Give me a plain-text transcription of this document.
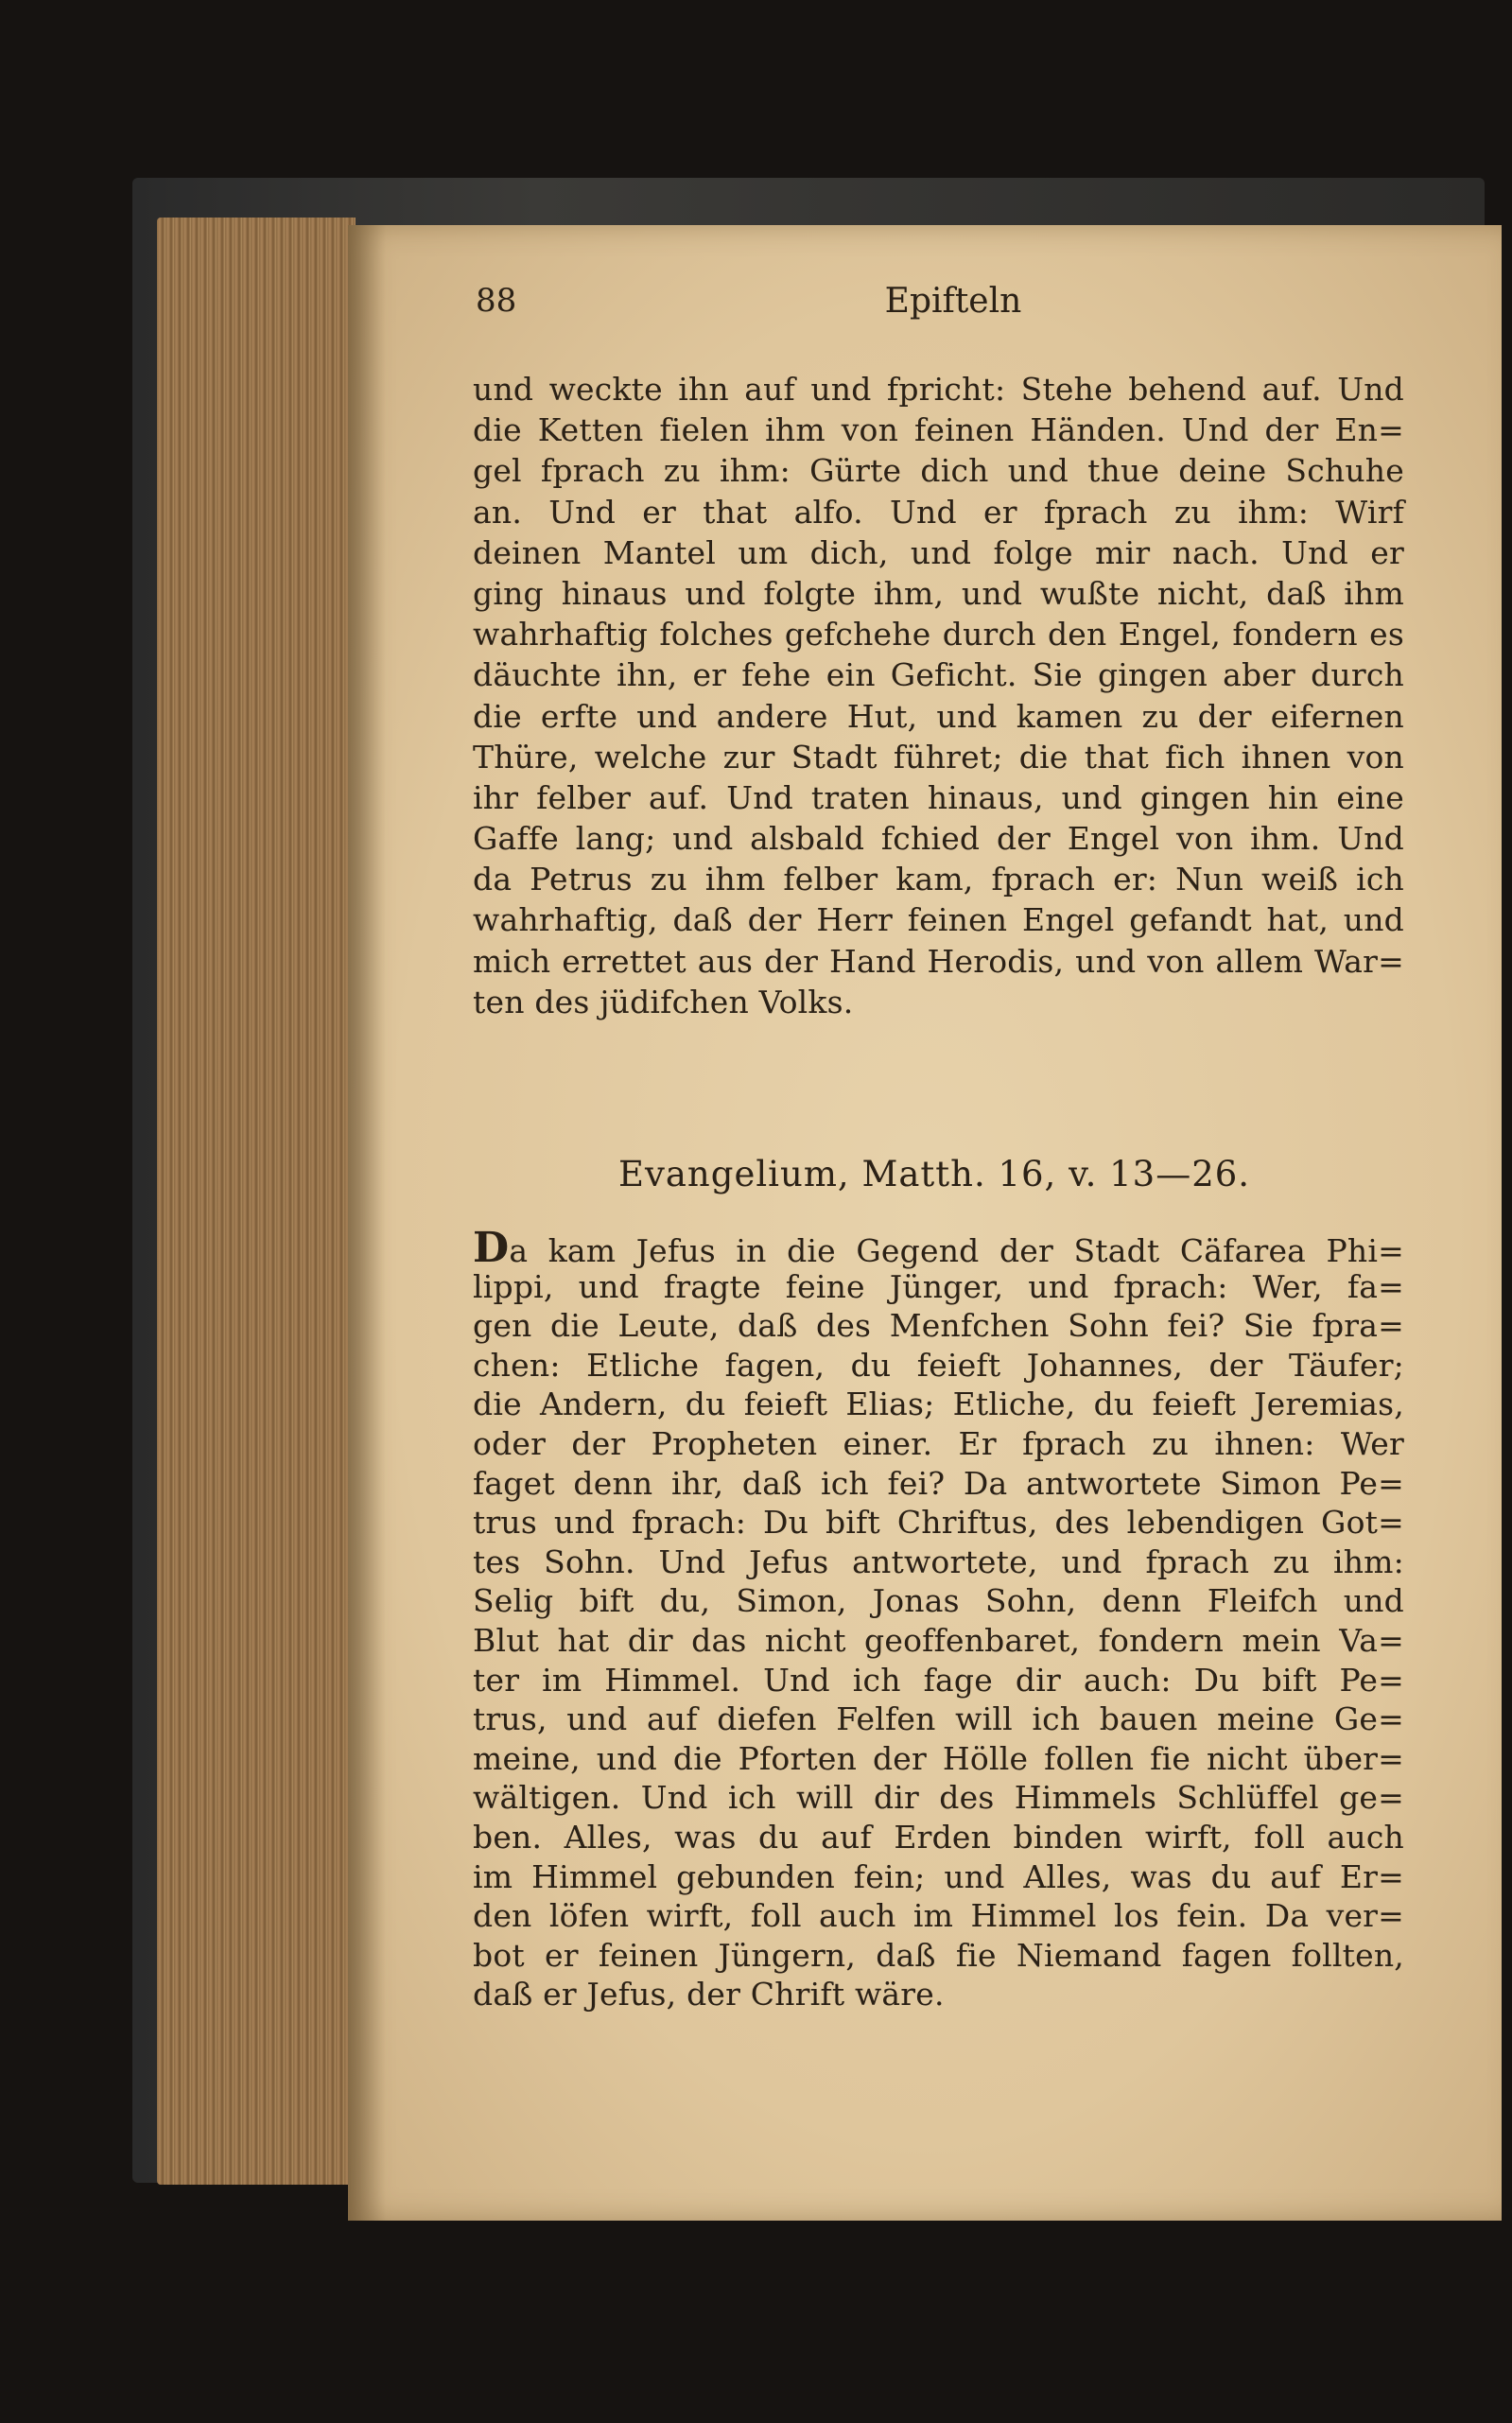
88	Epifteln
und weckte ihn auf und fpricht: Stehe behend auf. Und
die Ketten fielen ihm von feinen Händen. Und der En=
gel fprach zu ihm: Gürte dich und thue deine Schuhe
an. Und er that alfo. Und er fprach zu ihm: Wirf
deinen Mantel um dich, und folge mir nach. Und er
ging hinaus und folgte ihm, und wußte nicht, daß ihm
wahrhaftig folches gefchehe durch den Engel, fondern es
däuchte ihn, er fehe ein Geficht. Sie gingen aber durch
die erfte und andere Hut, und kamen zu der eifernen
Thüre, welche zur Stadt führet; die that fich ihnen von
ihr felber auf. Und traten hinaus, und gingen hin eine
Gaffe lang; und alsbald fchied der Engel von ihm. Und
da Petrus zu ihm felber kam, fprach er: Nun weiß ich
wahrhaftig, daß der Herr feinen Engel gefandt hat, und
mich errettet aus der Hand Herodis, und von allem War=
ten des jüdifchen Volks.
Evangelium, Matth. 16, v. 13—26.
Da kam Jefus in die Gegend der Stadt Cäfarea Phi=
lippi, und fragte feine Jünger, und fprach: Wer, fa=
gen die Leute, daß des Menfchen Sohn fei? Sie fpra=
chen: Etliche fagen, du feieft Johannes, der Täufer;
die Andern, du feieft Elias; Etliche, du feieft Jeremias,
oder der Propheten einer. Er fprach zu ihnen: Wer
faget denn ihr, daß ich fei? Da antwortete Simon Pe=
trus und fprach: Du bift Chriftus, des lebendigen Got=
tes Sohn. Und Jefus antwortete, und fprach zu ihm:
Selig bift du, Simon, Jonas Sohn, denn Fleifch und
Blut hat dir das nicht geoffenbaret, fondern mein Va=
ter im Himmel. Und ich fage dir auch: Du bift Pe=
trus, und auf diefen Felfen will ich bauen meine Ge=
meine, und die Pforten der Hölle follen fie nicht über=
wältigen. Und ich will dir des Himmels Schlüffel ge=
ben. Alles, was du auf Erden binden wirft, foll auch
im Himmel gebunden fein; und Alles, was du auf Er=
den löfen wirft, foll auch im Himmel los fein. Da ver=
bot er feinen Jüngern, daß fie Niemand fagen follten,
daß er Jefus, der Chrift wäre.
